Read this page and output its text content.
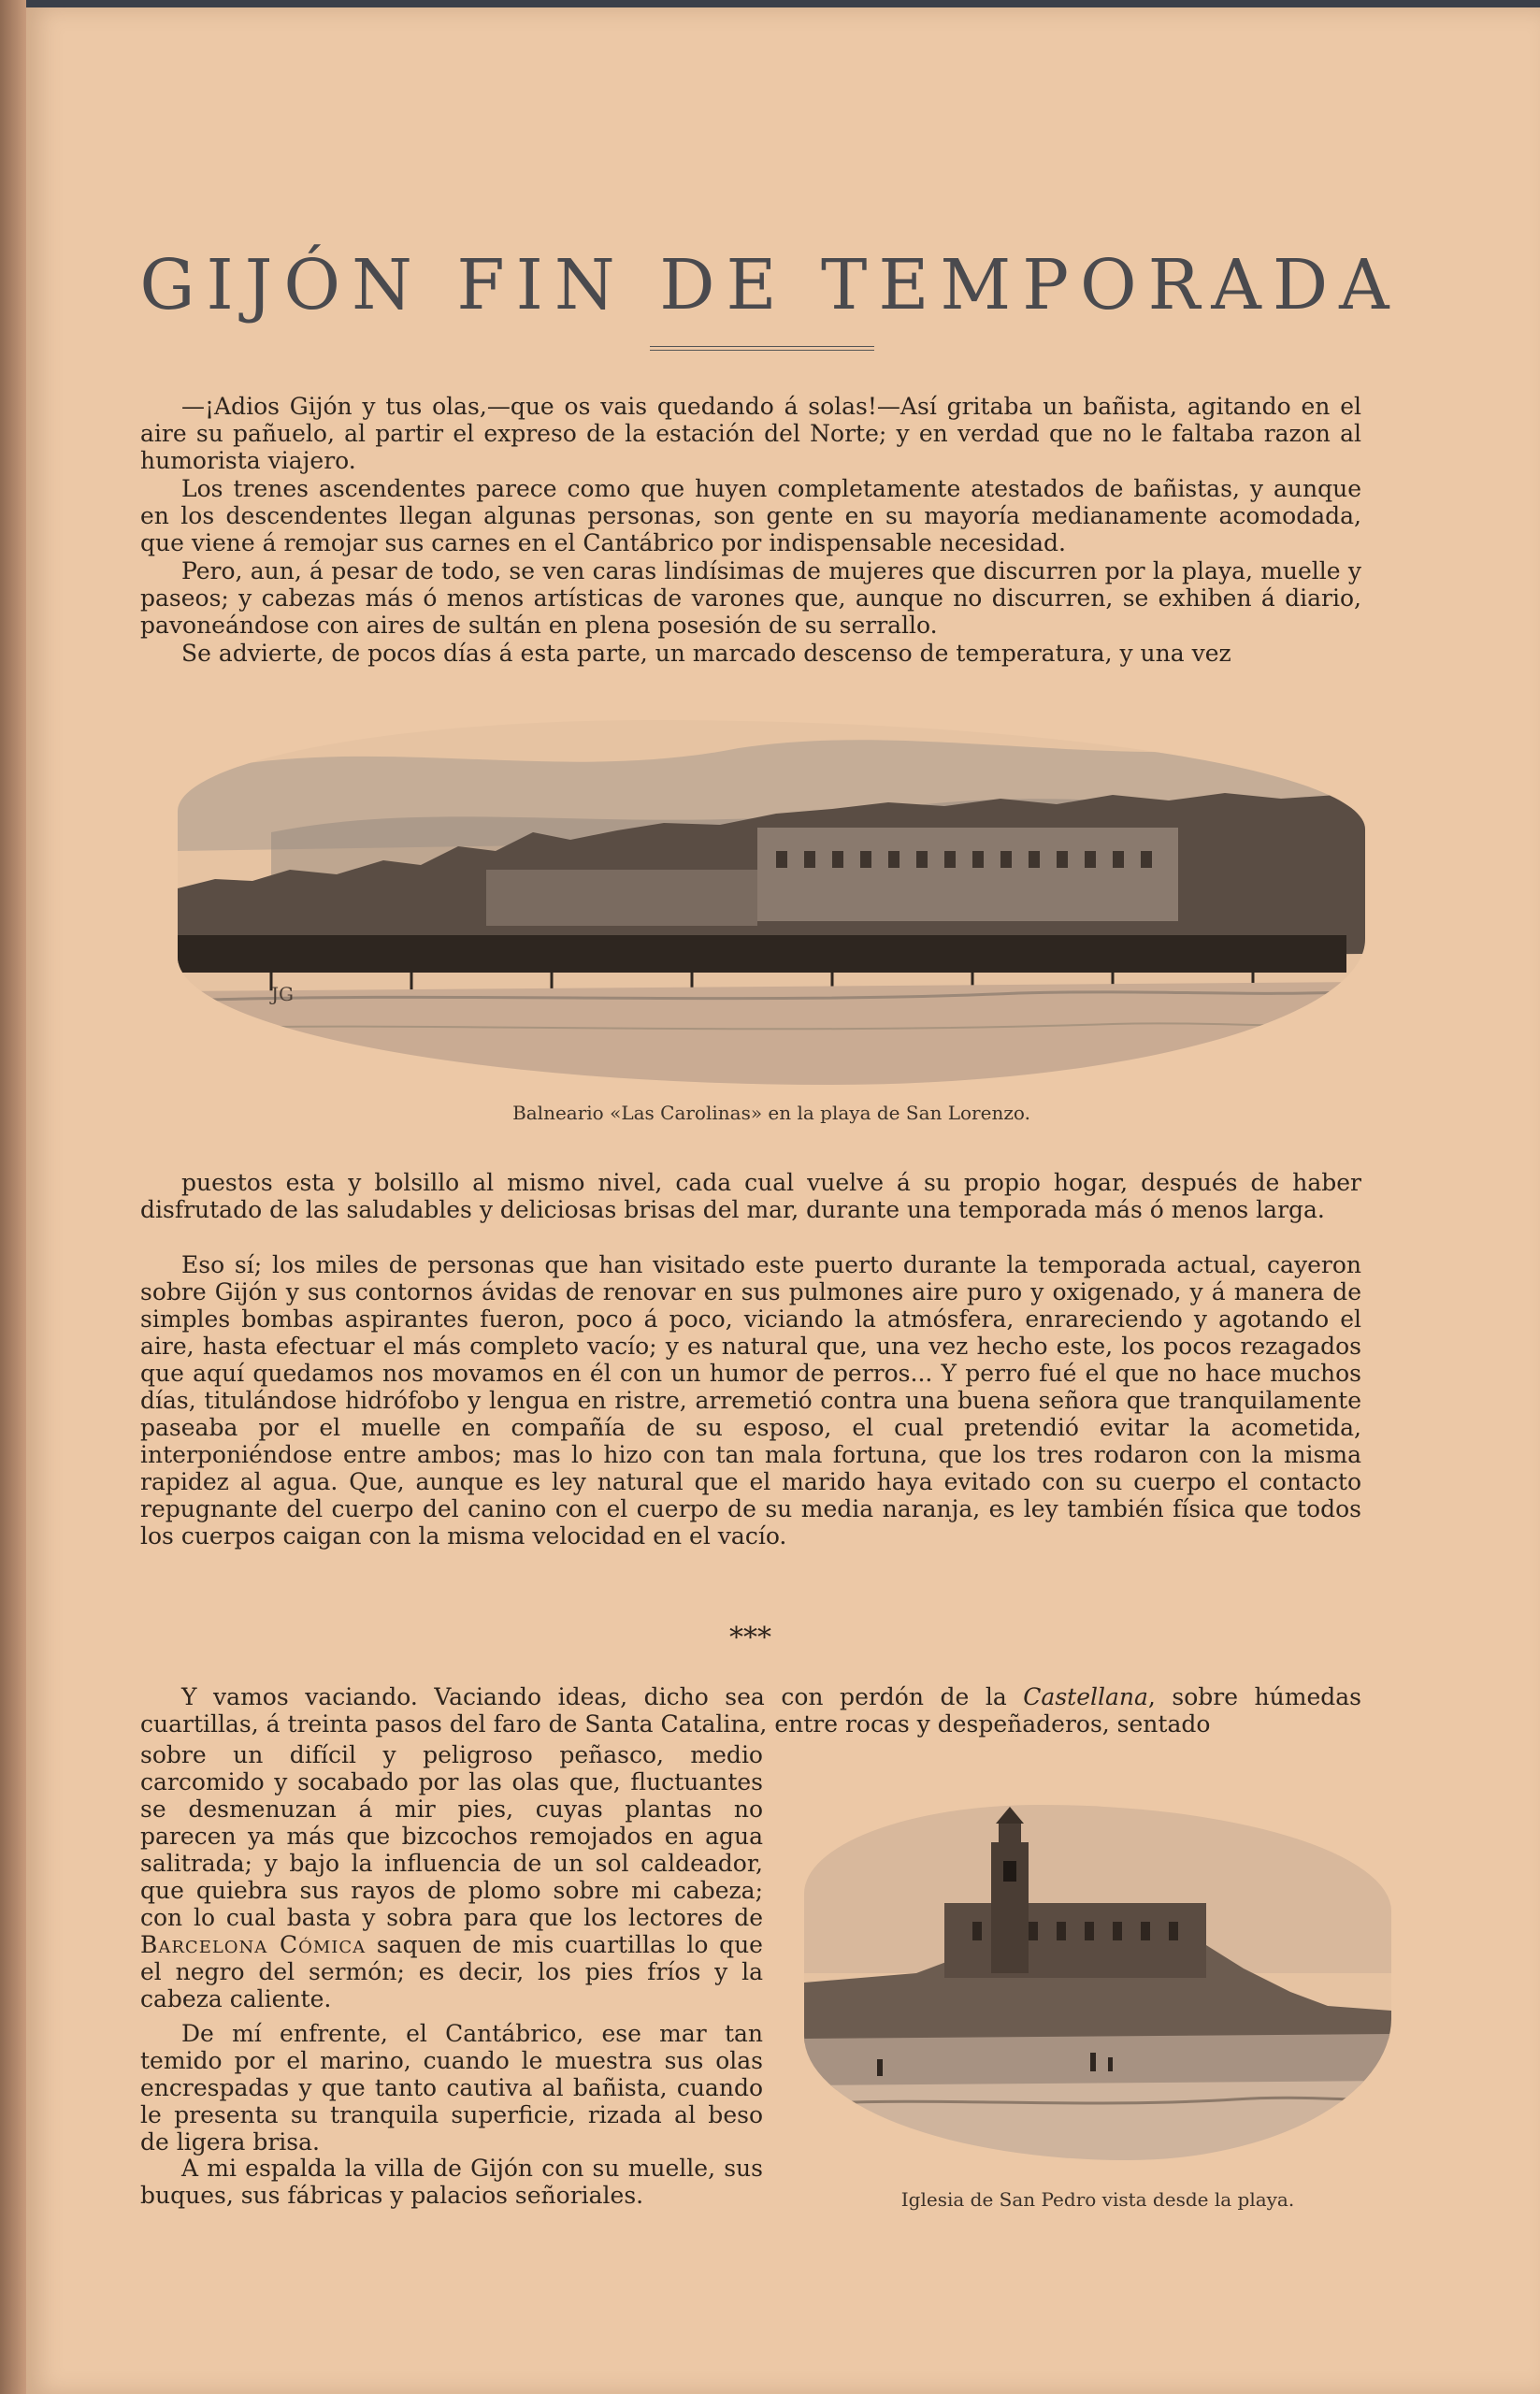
GIJÓN FIN DE TEMPORADA

—¡Adios Gijón y tus olas,—que os vais quedando á solas!—Así gritaba un bañista, agitando en el aire su pañuelo, al partir el expreso de la estación del Norte; y en verdad que no le faltaba razon al humorista viajero.

Los trenes ascendentes parece como que huyen completamente atestados de bañistas, y aunque en los descendentes llegan algunas personas, son gente en su mayoría medianamente acomodada, que viene á remojar sus carnes en el Cantábrico por indispensable necesidad.

Pero, aun, á pesar de todo, se ven caras lindísimas de mujeres que discurren por la playa, muelle y paseos; y cabezas más ó menos artísticas de varones que, aunque no discurren, se exhiben á diario, pavoneándose con aires de sultán en plena posesión de su serrallo.

Se advierte, de pocos días á esta parte, un marcado descenso de temperatura, y una vez

JG

Balneario «Las Carolinas» en la playa de San Lorenzo.

puestos esta y bolsillo al mismo nivel, cada cual vuelve á su propio hogar, después de haber disfrutado de las saludables y deliciosas brisas del mar, durante una temporada más ó menos larga.

Eso sí; los miles de personas que han visitado este puerto durante la temporada actual, cayeron sobre Gijón y sus contornos ávidas de renovar en sus pulmones aire puro y oxigenado, y á manera de simples bombas aspirantes fueron, poco á poco, viciando la atmósfera, enrareciendo y agotando el aire, hasta efectuar el más completo vacío; y es natural que, una vez hecho este, los pocos rezagados que aquí quedamos nos movamos en él con un humor de perros... Y perro fué el que no hace muchos días, titulándose hidrófobo y lengua en ristre, arremetió contra una buena señora que tranquilamente paseaba por el muelle en compañía de su esposo, el cual pretendió evitar la acometida, interponiéndose entre ambos; mas lo hizo con tan mala fortuna, que los tres rodaron con la misma rapidez al agua. Que, aunque es ley natural que el marido haya evitado con su cuerpo el contacto repugnante del cuerpo del canino con el cuerpo de su media naranja, es ley también física que todos los cuerpos caigan con la misma velocidad en el vacío.

***

Y vamos vaciando. Vaciando ideas, dicho sea con perdón de la Castellana, sobre húmedas cuartillas, á treinta pasos del faro de Santa Catalina, entre rocas y despeñaderos, sentado

sobre un difícil y peligroso peñasco, medio carcomido y socabado por las olas que, fluctuantes se desmenuzan á mir pies, cuyas plantas no parecen ya más que bizcochos remojados en agua salitrada; y bajo la influencia de un sol caldeador, que quiebra sus rayos de plomo sobre mi cabeza; con lo cual basta y sobra para que los lectores de Barcelona Cómica saquen de mis cuartillas lo que el negro del sermón; es decir, los pies fríos y la cabeza caliente.

De mí enfrente, el Cantábrico, ese mar tan temido por el marino, cuando le muestra sus olas encrespadas y que tanto cautiva al bañista, cuando le presenta su tranquila superficie, rizada al beso de ligera brisa.

A mi espalda la villa de Gijón con su muelle, sus buques, sus fábricas y palacios señoriales.	Iglesia de San Pedro vista desde la playa.
